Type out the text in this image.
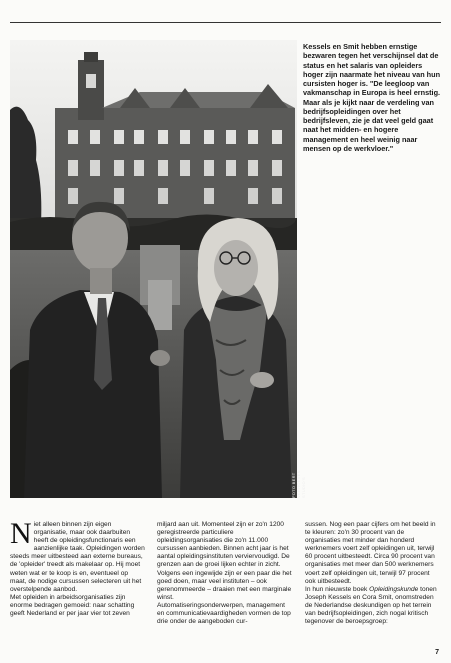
FOTO BERT VERHOEVEN STUDIO'S

Kessels en Smit hebben ernstige bezwaren tegen het verschijnsel dat de status en het salaris van opleiders hoger zijn naarmate het niveau van hun cursisten hoger is. "De leegloop van vakmanschap in Europa is heel ernstig. Maar als je kijkt naar de verdeling van bedrijfsopleidingen over het bedrijfsleven, zie je dat veel geld gaat naat het midden- en hogere management en heel weinig naar mensen op de werkvloer."

Niet alleen binnen zijn eigen organisatie, maar ook daarbuiten heeft de opleidingsfunctionaris een aanzienlijke taak. Opleidingen worden steeds meer uitbesteed aan externe bureaus, de 'opleider' treedt als makelaar op. Hij moet weten wat er te koop is en, eventueel op maat, de nodige cursussen selecteren uit het overstelpende aanbod.

Met opleiden in arbeidsorganisaties zijn enorme bedragen gemoeid: naar schatting geeft Nederland er per jaar vier tot zeven

miljard aan uit. Momenteel zijn er zo'n 1200 geregistreerde particuliere opleidingsorganisaties die zo'n 11.000 cursussen aanbieden. Binnen acht jaar is het aantal opleidingsinstituten verviervoudigd. De grenzen aan de groei lijken echter in zicht. Volgens een ingewijde zijn er een paar die het goed doen, maar veel instituten – ook gerenommeerde – draaien met een marginale winst.

Automatiseringsonderwerpen, management en communicatievaardigheden vormen de top drie onder de aangeboden cur-

sussen. Nog een paar cijfers om het beeld in te kleuren: zo'n 30 procent van de organisaties met minder dan honderd werknemers voert zelf opleidingen uit, terwijl 60 procent uitbesteedt. Circa 90 procent van organisaties met meer dan 500 werknemers voert zelf opleidingen uit, terwijl 97 procent ook uitbesteedt.

In hun nieuwste boek Opleidingskunde tonen Joseph Kessels en Cora Smit, onomstreden de Nederlandse deskundigen op het terrein van bedrijfsopleidingen, zich nogal kritisch tegenover de beroepsgroep:

7
